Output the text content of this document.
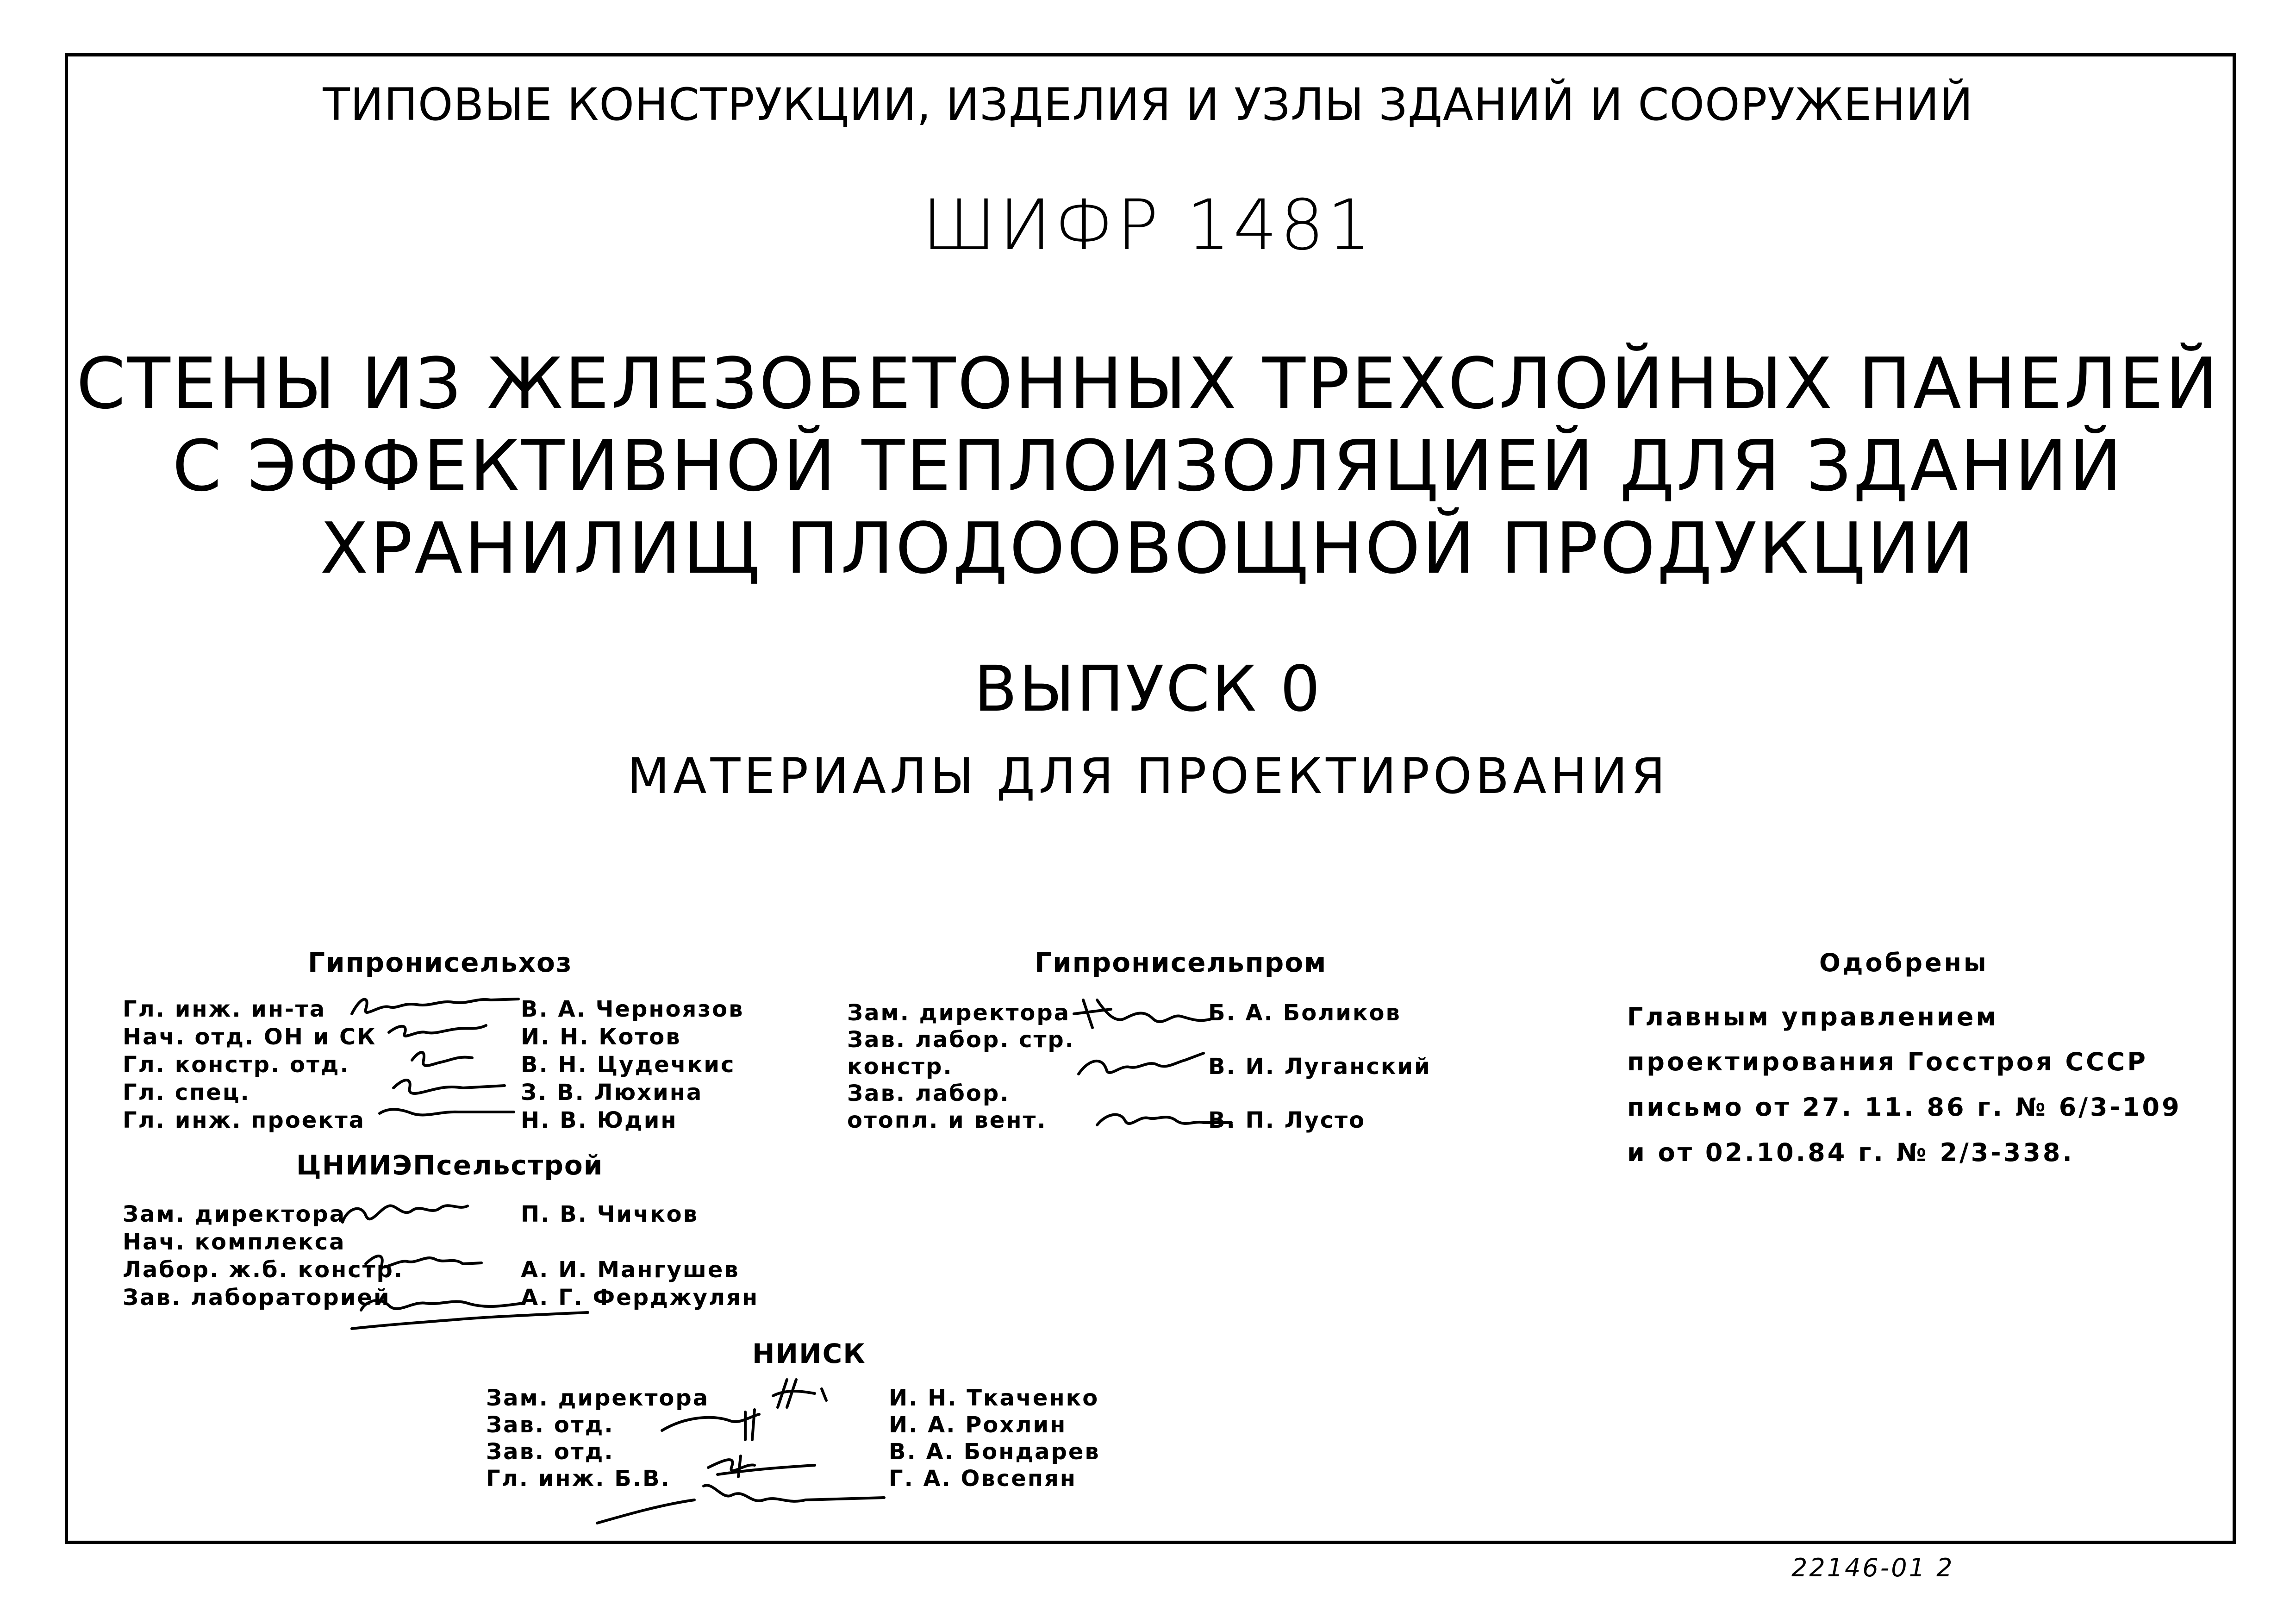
ТИПОВЫЕ КОНСТРУКЦИИ, ИЗДЕЛИЯ И УЗЛЫ ЗДАНИЙ И СООРУЖЕНИЙ
ШИФР 1481
СТЕНЫ ИЗ ЖЕЛЕЗОБЕТОННЫХ ТРЕХСЛОЙНЫХ ПАНЕЛЕЙ
С ЭФФЕКТИВНОЙ ТЕПЛОИЗОЛЯЦИЕЙ ДЛЯ ЗДАНИЙ
ХРАНИЛИЩ ПЛОДООВОЩНОЙ ПРОДУКЦИИ
ВЫПУСК 0
МАТЕРИАЛЫ ДЛЯ ПРОЕКТИРОВАНИЯ
Гипронисельхоз
Гл. инж. ин-та	В. А. Черноязов
Нач. отд. ОН и СК	И. Н. Котов
Гл. констр. отд.	В. Н. Цудечкис
Гл. спец.	З. В. Люхина
Гл. инж. проекта	Н. В. Юдин
ЦНИИЭПсельстрой
Зам. директора	П. В. Чичков
Нач. комплекса
Лабор. ж.б. констр.	А. И. Мангушев
Зав. лабораторией	А. Г. Ферджулян
Гипронисельпром
Зам. директора	Б. А. Боликов
Зав. лабор. стр.
констр.	В. И. Луганский
Зав. лабор.
отопл. и вент.	В. П. Лусто
НИИСК
Зам. директора	И. Н. Ткаченко
Зав. отд.	И. А. Рохлин
Зав. отд.	В. А. Бондарев
Гл. инж. Б.В.	Г. А. Овсепян
Одобрены
Главным управлением
проектирования Госстроя СССР
письмо от 27. 11. 86 г. № 6/3-109
и от 02.10.84 г. № 2/3-338.
22146-01 2
